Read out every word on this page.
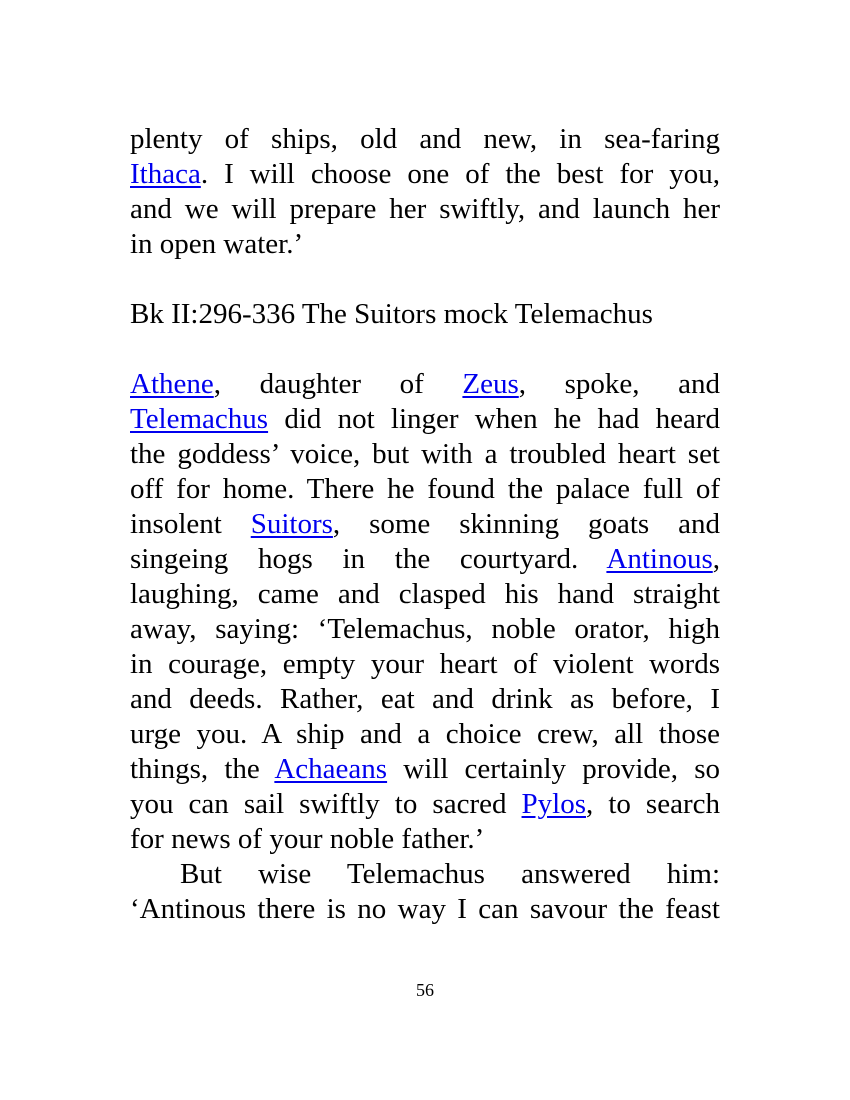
plenty of ships, old and new, in sea-faring
Ithaca. I will choose one of the best for you,
and we will prepare her swiftly, and launch her
in open water.’
Bk II:296-336 The Suitors mock Telemachus
Athene, daughter of Zeus, spoke, and
Telemachus did not linger when he had heard
the goddess’ voice, but with a troubled heart set
off for home. There he found the palace full of
insolent Suitors, some skinning goats and
singeing hogs in the courtyard. Antinous,
laughing, came and clasped his hand straight
away, saying: ‘Telemachus, noble orator, high
in courage, empty your heart of violent words
and deeds. Rather, eat and drink as before, I
urge you. A ship and a choice crew, all those
things, the Achaeans will certainly provide, so
you can sail swiftly to sacred Pylos, to search
for news of your noble father.’
But wise Telemachus answered him:
‘Antinous there is no way I can savour the feast
56
